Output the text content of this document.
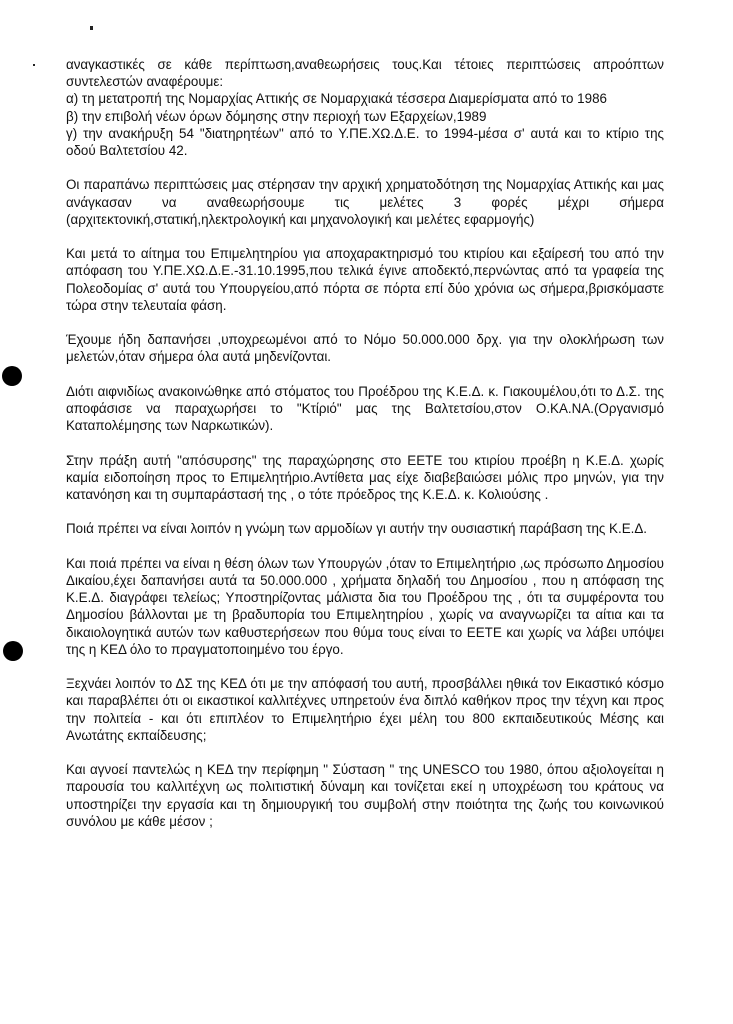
αναγκαστικές σε κάθε περίπτωση,αναθεωρήσεις τους.Και τέτοιες περιπτώσεις απροόπτων συντελεστών αναφέρουμε:
α) τη μετατροπή της Νομαρχίας Αττικής σε Νομαρχιακά τέσσερα Διαμερίσματα από το 1986
β) την επιβολή νέων όρων δόμησης στην περιοχή των Εξαρχείων,1989
γ) την ανακήρυξη 54 "διατηρητέων" από το Υ.ΠΕ.ΧΩ.Δ.Ε. το 1994-μέσα σ' αυτά και το κτίριο της οδού Βαλτετσίου 42.

Οι παραπάνω περιπτώσεις μας στέρησαν την αρχική χρηματοδότηση της Νομαρχίας Αττικής και μας ανάγκασαν να αναθεωρήσουμε τις μελέτες 3 φορές μέχρι σήμερα (αρχιτεκτονική,στατική,ηλεκτρολογική και μηχανολογική και μελέτες εφαρμογής)

Και μετά το αίτημα του Επιμελητηρίου για αποχαρακτηρισμό του κτιρίου και εξαίρεσή του από την απόφαση του Υ.ΠΕ.ΧΩ.Δ.Ε.-31.10.1995,που τελικά έγινε αποδεκτό,περνώντας από τα γραφεία της Πολεοδομίας σ' αυτά του Υπουργείου,από πόρτα σε πόρτα επί δύο χρόνια ως σήμερα,βρισκόμαστε τώρα στην τελευταία φάση.

Έχουμε ήδη δαπανήσει ,υποχρεωμένοι από το Νόμο 50.000.000 δρχ. για την ολοκλήρωση των μελετών,όταν σήμερα όλα αυτά μηδενίζονται.

Διότι αιφνιδίως ανακοινώθηκε από στόματος του Προέδρου της Κ.Ε.Δ. κ. Γιακουμέλου,ότι το Δ.Σ. της αποφάσισε να παραχωρήσει το "Κτίριό" μας της Βαλτετσίου,στον Ο.ΚΑ.ΝΑ.(Οργανισμό Καταπολέμησης των Ναρκωτικών).

Στην πράξη αυτή "απόσυρσης" της παραχώρησης στο ΕΕΤΕ του κτιρίου προέβη η Κ.Ε.Δ. χωρίς καμία ειδοποίηση προς το Επιμελητήριο.Αντίθετα μας είχε διαβεβαιώσει μόλις προ μηνών, για την κατανόηση και τη συμπαράστασή της , ο τότε πρόεδρος της Κ.Ε.Δ. κ. Κολιούσης .

Ποιά πρέπει να είναι λοιπόν η γνώμη των αρμοδίων γι αυτήν την ουσιαστική παράβαση της Κ.Ε.Δ.

Και ποιά πρέπει να είναι η θέση όλων των Υπουργών ,όταν το Επιμελητήριο ,ως πρόσωπο Δημοσίου Δικαίου,έχει δαπανήσει αυτά τα 50.000.000 , χρήματα δηλαδή του Δημοσίου , που η απόφαση της Κ.Ε.Δ. διαγράφει τελείως; Υποστηρίζοντας μάλιστα δια του Προέδρου της , ότι τα συμφέροντα του Δημοσίου βάλλονται με τη βραδυπορία του Επιμελητηρίου , χωρίς να αναγνωρίζει τα αίτια και τα δικαιολογητικά αυτών των καθυστερήσεων που θύμα τους είναι το ΕΕΤΕ και χωρίς να λάβει υπόψει της η ΚΕΔ όλο το πραγματοποιημένο του έργο.

Ξεχνάει λοιπόν το ΔΣ της ΚΕΔ ότι με την απόφασή του αυτή, προσβάλλει ηθικά τον Εικαστικό κόσμο και παραβλέπει ότι οι εικαστικοί καλλιτέχνες υπηρετούν ένα διπλό καθήκον προς την τέχνη και προς την πολιτεία - και ότι επιπλέον το Επιμελητήριο έχει μέλη του 800 εκπαιδευτικούς Μέσης και Ανωτάτης εκπαίδευσης;

Και αγνοεί παντελώς η ΚΕΔ την περίφημη " Σύσταση " της UNESCO του 1980, όπου αξιολογείται η παρουσία του καλλιτέχνη ως πολιτιστική δύναμη και τονίζεται εκεί η υποχρέωση του κράτους να υποστηρίζει την εργασία και τη δημιουργική του συμβολή στην ποιότητα της ζωής του κοινωνικού συνόλου με κάθε μέσον ;
